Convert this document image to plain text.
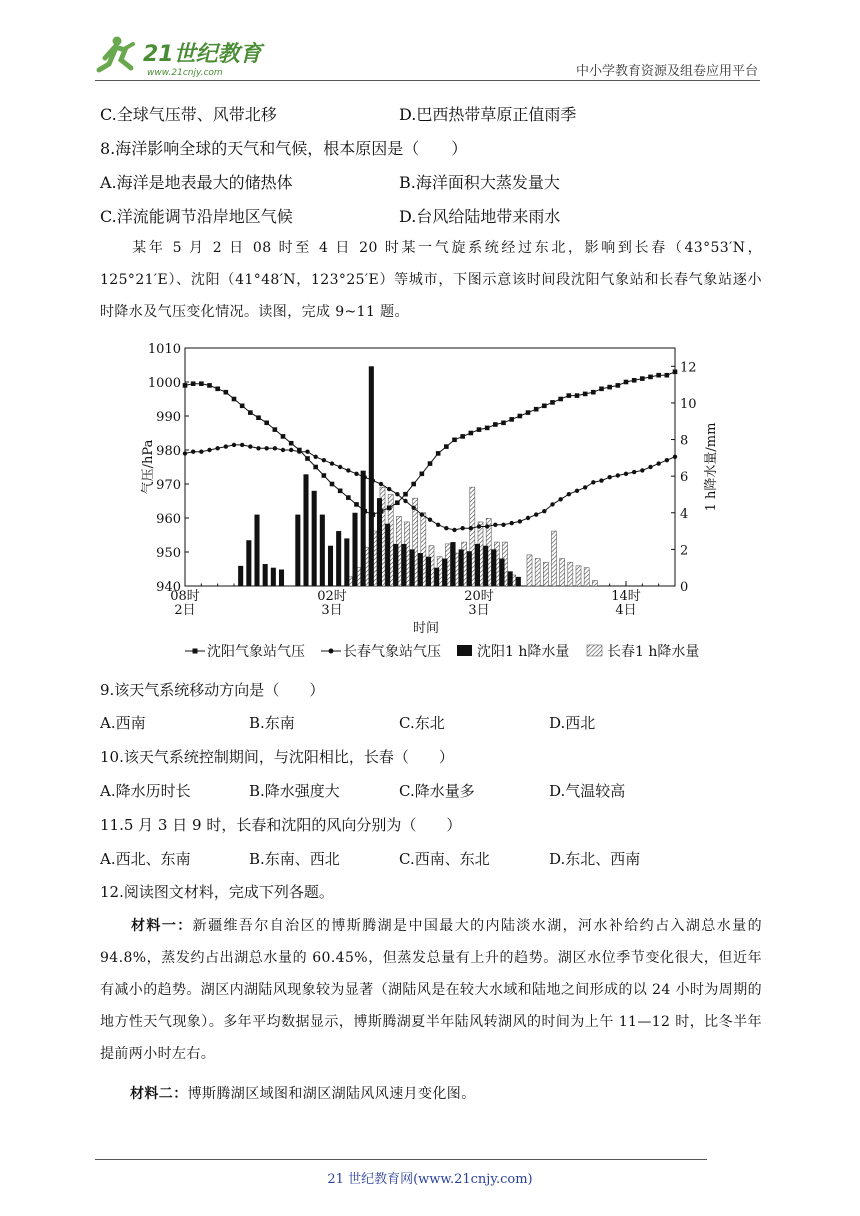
21世纪教育
www.21cnjy.com	中小学教育资源及组卷应用平台
C.全球气压带、风带北移	D.巴西热带草原正值雨季
8.海洋影响全球的天气和气候，根本原因是（　　）
A.海洋是地表最大的储热体	B.海洋面积大蒸发量大
C.洋流能调节沿岸地区气候	D.台风给陆地带来雨水
某年 5 月 2 日 08 时至 4 日 20 时某一气旋系统经过东北，影响到长春（43°53′N，125°21′E）、沈阳（41°48′N，123°25′E）等城市，下图示意该时间段沈阳气象站和长春气象站逐小时降水及气压变化情况。读图，完成 9~11 题。
1010
1000
990
980
970
960
950
940
12
10
8
6
4
2
0
08时
2日
02时
3日
20时
3日
14时
4日
时间
气压/hPa	1 h降水量/mm
沈阳气象站气压	长春气象站气压	沈阳1 h降水量	长春1 h降水量
9.该天气系统移动方向是（　　）
A.西南	B.东南	C.东北	D.西北
10.该天气系统控制期间，与沈阳相比，长春（　　）
A.降水历时长	B.降水强度大	C.降水量多	D.气温较高
11.5 月 3 日 9 时，长春和沈阳的风向分别为（　　）
A.西北、东南	B.东南、西北	C.西南、东北	D.东北、西南
12.阅读图文材料，完成下列各题。
材料一：新疆维吾尔自治区的博斯腾湖是中国最大的内陆淡水湖，河水补给约占入湖总水量的 94.8%，蒸发约占出湖总水量的 60.45%，但蒸发总量有上升的趋势。湖区水位季节变化很大，但近年有减小的趋势。湖区内湖陆风现象较为显著（湖陆风是在较大水域和陆地之间形成的以 24 小时为周期的地方性天气现象）。多年平均数据显示，博斯腾湖夏半年陆风转湖风的时间为上午 11—12 时，比冬半年提前两小时左右。
材料二：博斯腾湖区域图和湖区湖陆风风速月变化图。
21 世纪教育网(www.21cnjy.com)
